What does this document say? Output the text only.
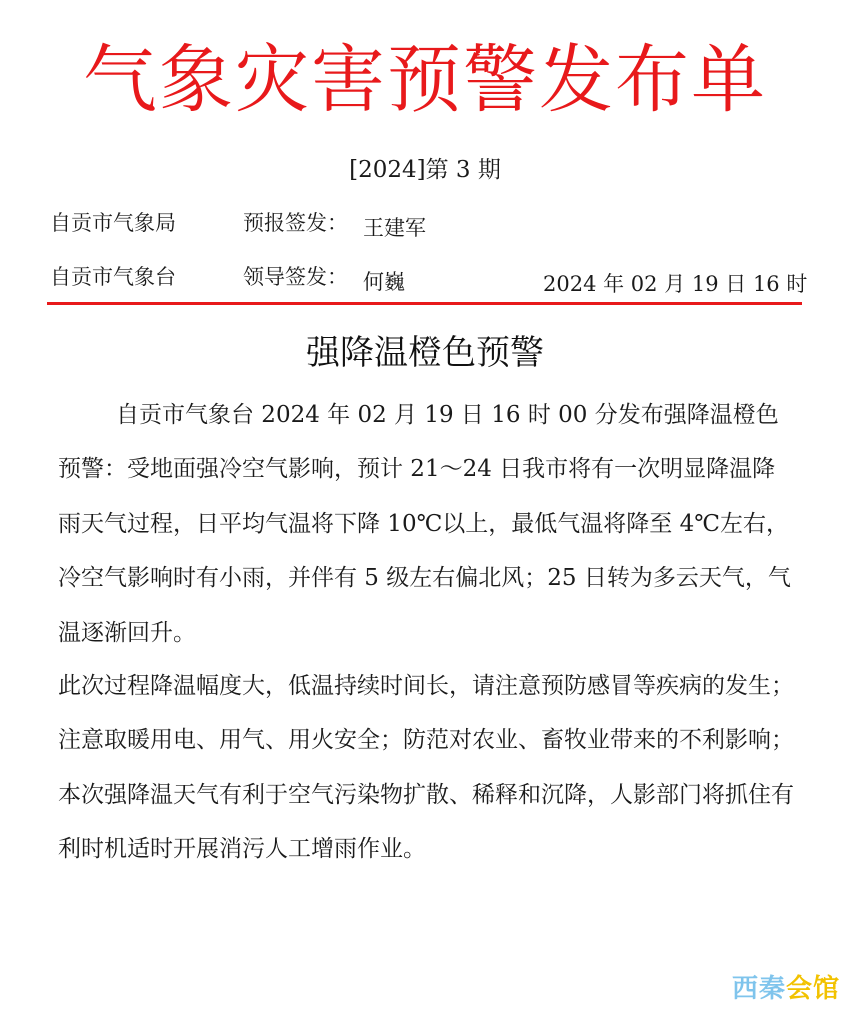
气象灾害预警发布单
[2024]第 3 期
自贡市气象局	预报签发： 王建军
自贡市气象台	领导签发： 何巍	2024 年 02 月 19 日 16 时
强降温橙色预警

自贡市气象台 2024 年 02 月 19 日 16 时 00 分发布强降温橙色预警：受地面强冷空气影响，预计 21～24 日我市将有一次明显降温降雨天气过程，日平均气温将下降 10℃以上，最低气温将降至 4℃左右，冷空气影响时有小雨，并伴有 5 级左右偏北风；25 日转为多云天气，气温逐渐回升。

此次过程降温幅度大，低温持续时间长，请注意预防感冒等疾病的发生；注意取暖用电、用气、用火安全；防范对农业、畜牧业带来的不利影响；本次强降温天气有利于空气污染物扩散、稀释和沉降，人影部门将抓住有利时机适时开展消污人工增雨作业。

西秦会馆
